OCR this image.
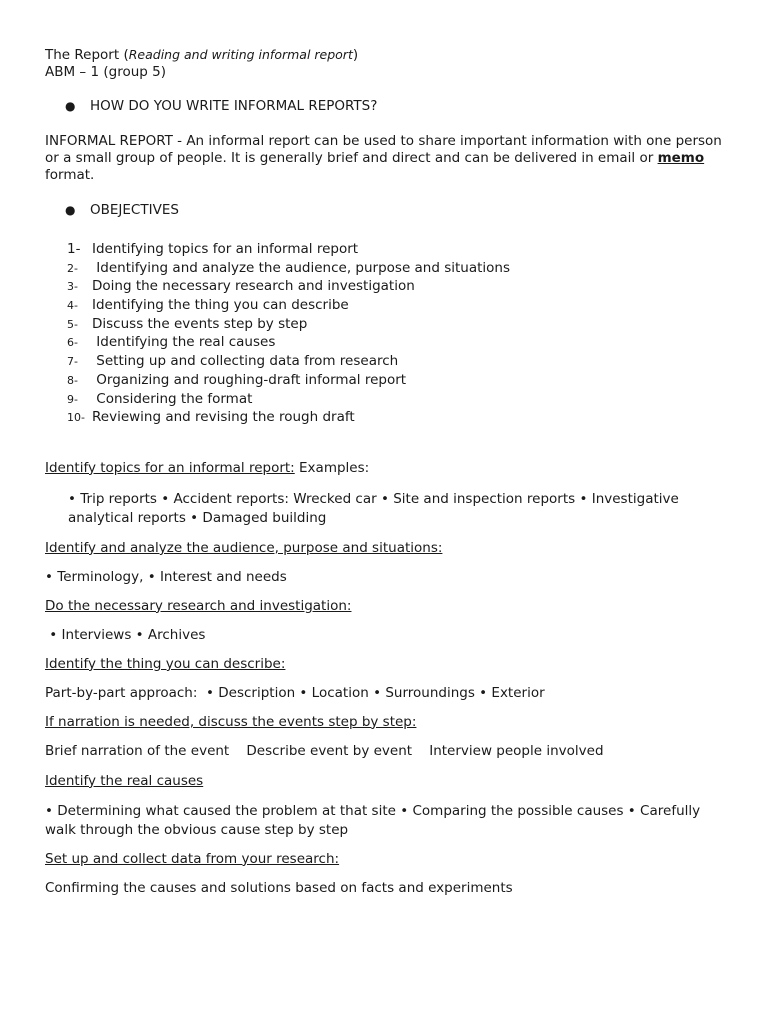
The Report (Reading and writing informal report)
ABM – 1 (group 5)
●	HOW DO YOU WRITE INFORMAL REPORTS?
INFORMAL REPORT - An informal report can be used to share important information with one person or a small group of people. It is generally brief and direct and can be delivered in email or memo format.
●	OBEJECTIVES
1- Identifying topics for an informal report
2-	Identifying and analyze the audience, purpose and situations
3-	Doing the necessary research and investigation
4-	Identifying the thing you can describe
5-	Discuss the events step by step
6-	Identifying the real causes
7-	Setting up and collecting data from research
8-	Organizing and roughing-draft informal report
9-	Considering the format
10- Reviewing and revising the rough draft
Identify topics for an informal report: Examples:
• Trip reports • Accident reports: Wrecked car • Site and inspection reports • Investigative analytical reports • Damaged building
Identify and analyze the audience, purpose and situations:
• Terminology, • Interest and needs
Do the necessary research and investigation:
• Interviews • Archives
Identify the thing you can describe:
Part-by-part approach:  • Description • Location • Surroundings • Exterior
If narration is needed, discuss the events step by step:
Brief narration of the event    Describe event by event    Interview people involved
Identify the real causes
• Determining what caused the problem at that site • Comparing the possible causes • Carefully walk through the obvious cause step by step
Set up and collect data from your research:
Confirming the causes and solutions based on facts and experiments
